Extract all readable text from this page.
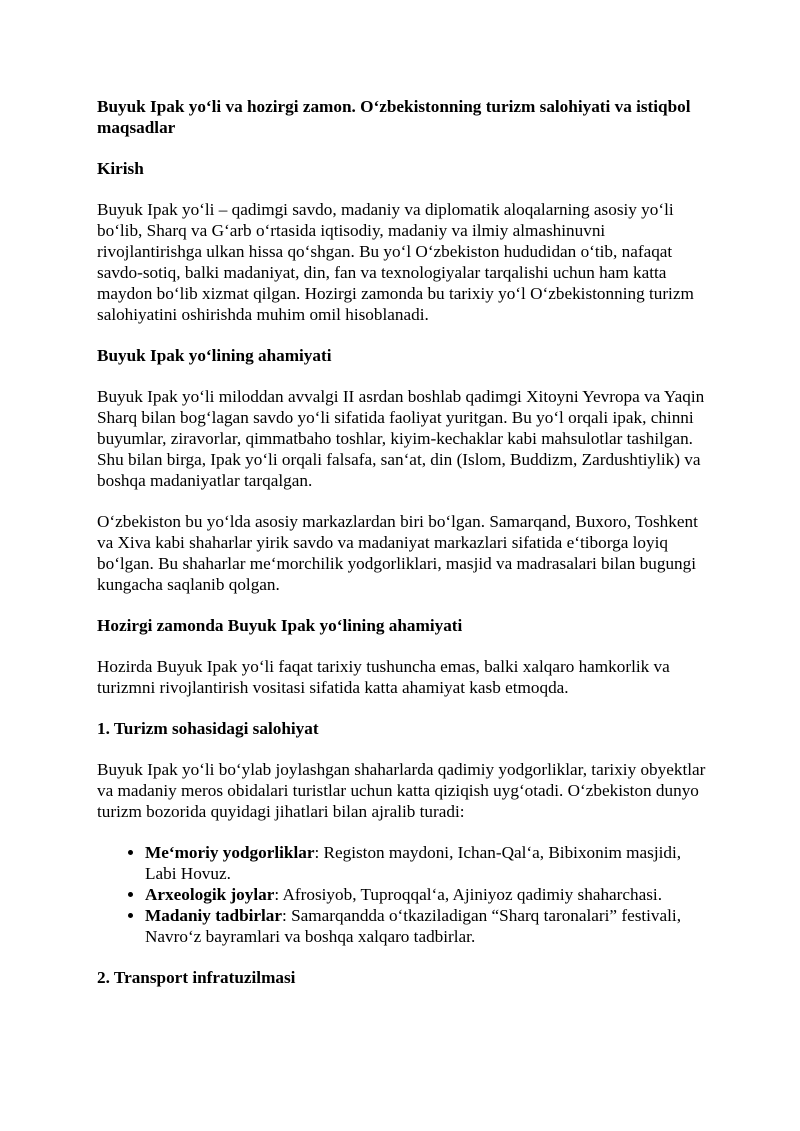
Buyuk Ipak yo‘li va hozirgi zamon. O‘zbekistonning turizm salohiyati va istiqbol maqsadlar

Kirish

Buyuk Ipak yo‘li – qadimgi savdo, madaniy va diplomatik aloqalarning asosiy yo‘li bo‘lib, Sharq va G‘arb o‘rtasida iqtisodiy, madaniy va ilmiy almashinuvni rivojlantirishga ulkan hissa qo‘shgan. Bu yo‘l O‘zbekiston hududidan o‘tib, nafaqat savdo-sotiq, balki madaniyat, din, fan va texnologiyalar tarqalishi uchun ham katta maydon bo‘lib xizmat qilgan. Hozirgi zamonda bu tarixiy yo‘l O‘zbekistonning turizm salohiyatini oshirishda muhim omil hisoblanadi.

Buyuk Ipak yo‘lining ahamiyati

Buyuk Ipak yo‘li miloddan avvalgi II asrdan boshlab qadimgi Xitoyni Yevropa va Yaqin Sharq bilan bog‘lagan savdo yo‘li sifatida faoliyat yuritgan. Bu yo‘l orqali ipak, chinni buyumlar, ziravorlar, qimmatbaho toshlar, kiyim-kechaklar kabi mahsulotlar tashilgan. Shu bilan birga, Ipak yo‘li orqali falsafa, san‘at, din (Islom, Buddizm, Zardushtiylik) va boshqa madaniyatlar tarqalgan.

O‘zbekiston bu yo‘lda asosiy markazlardan biri bo‘lgan. Samarqand, Buxoro, Toshkent va Xiva kabi shaharlar yirik savdo va madaniyat markazlari sifatida e‘tiborga loyiq bo‘lgan. Bu shaharlar me‘morchilik yodgorliklari, masjid va madrasalari bilan bugungi kungacha saqlanib qolgan.

Hozirgi zamonda Buyuk Ipak yo‘lining ahamiyati

Hozirda Buyuk Ipak yo‘li faqat tarixiy tushuncha emas, balki xalqaro hamkorlik va turizmni rivojlantirish vositasi sifatida katta ahamiyat kasb etmoqda.

1. Turizm sohasidagi salohiyat

Buyuk Ipak yo‘li bo‘ylab joylashgan shaharlarda qadimiy yodgorliklar, tarixiy obyektlar va madaniy meros obidalari turistlar uchun katta qiziqish uyg‘otadi. O‘zbekiston dunyo turizm bozorida quyidagi jihatlari bilan ajralib turadi:

• Me‘moriy yodgorliklar: Registon maydoni, Ichan-Qal‘a, Bibixonim masjidi, Labi Hovuz.
• Arxeologik joylar: Afrosiyob, Tuproqqal‘a, Ajiniyoz qadimiy shaharchasi.
• Madaniy tadbirlar: Samarqandda o‘tkaziladigan “Sharq taronalari” festivali, Navro‘z bayramlari va boshqa xalqaro tadbirlar.
2. Transport infratuzilmasi
